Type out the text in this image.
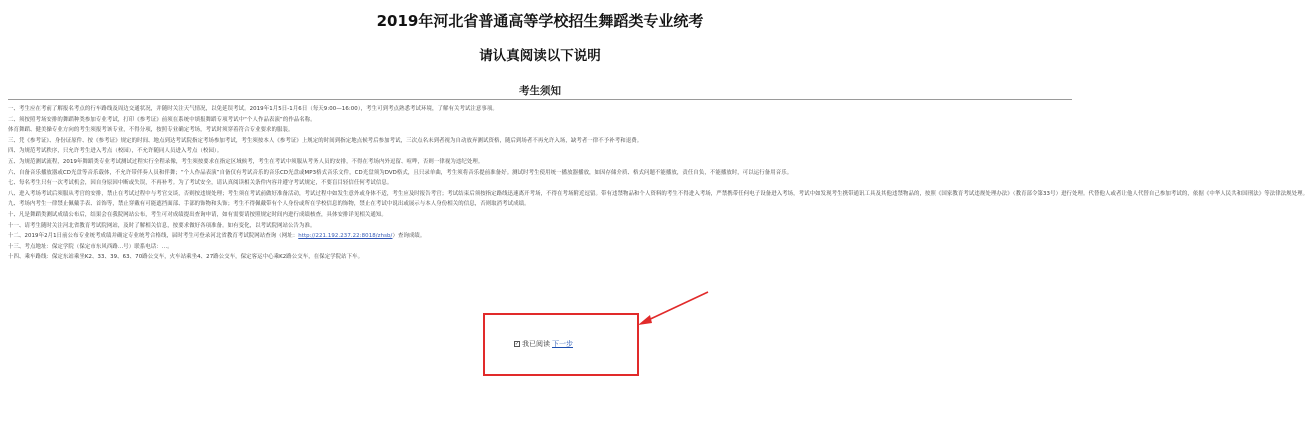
2019年河北省普通高等学校招生舞蹈类专业统考
请认真阅读以下说明
考生须知
一、考生应在考前了解报名考点的行车路线及周边交通状况，并随时关注天气情况，以免延误考试。2019年1月5日-1月6日（每天9:00—16:00），考生可到考点熟悉考试环境，了解有关考试注意事项。
二、须按照考场安排的舞蹈种类参加专业考试，打印《参考证》前须在系统中填报舞蹈专项考试中“个人作品表演”的作品名称。
体育舞蹈、健美操专业方向的考生须报考该专业，不得分项，按照专业确定考场，考试时须穿着符合专业要求的服装。
三、凭《参考证》、身份证原件、按《参考证》规定的时间、地点到达考试院指定考场参加考试，考生须按本人《参考证》上规定的时间到指定地点候考后参加考试，三次点名未到者视为自动放弃测试资格，随后到场者不再允许入场，缺考者一律不予补考和退费。
四、为规范考试秩序，只允许考生进入考点（校园），不允许随同人员进入考点（校园）。
五、为规范测试流程，2019年舞蹈类专业考试测试过程实行全程录像，考生须按要求在指定区域候考，考生在考试中须服从考务人员的安排，不得在考场内外逗留、喧哗，否则一律视为违纪处理。
六、自备音乐播放器或CD光盘等音乐载体，不允许带伴奏人员和伴舞；“个人作品表演”自备仅有考试音乐的音乐CD光盘或MP3格式音乐文件，CD光盘须为DVD格式，且只录单曲，考生须将音乐提前准备好。测试时考生使用统一播放器播放，如因存储介质、格式问题不能播放，责任自负，不能播放时，可以运行备用音乐。
七、每名考生只有一次考试机会，因自身原因中断或失误，不再补考。为了考试安全，请认真阅读相关条件内容并遵守考试规定，不要盲目轻信任何考试信息。
八、进入考场考试后须服从考官的安排，禁止在考试过程中与考官交谈，否则按违规处理；考生须在考试前做好准备活动，考试过程中如发生意外或身体不适，考生应及时报告考官；考试结束后须按指定路线迅速离开考场，不得在考场附近逗留。带有违禁物品和个人资料的考生不得进入考场，严禁携带任何电子设备进入考场，考试中如发现考生携带通讯工具及其他违禁物品的，按照《国家教育考试违规处理办法》（教育部令第33号）进行处理。代替他人或者让他人代替自己参加考试的，依据《中华人民共和国刑法》等法律法规处理。
九、考场内考生一律禁止佩戴手表、首饰等，禁止穿戴有可能遮挡面部、手部的饰物和头饰；考生不得佩戴带有个人身份或所在学校信息的饰物，禁止在考试中说出或展示与本人身份相关的信息，否则取消考试成绩。
十、凡是舞蹈类测试成绩公布后，结果会在我院网站公布，考生可对成绩提出查询申请，如有需要请按照规定时间内进行成绩核查，具体安排详见相关通知。
十一、请考生随时关注河北省教育考试院网站，及时了解相关信息，按要求做好各项准备。如有变化，以考试院网站公告为准。
十二、2019年2月1日前公布专业统考成绩并确定专业统考合格线，届时考生可登录河北省教育考试院网站查询（网址：http://221.192.237.22:8018/zhsb/）查询成绩。
十三、考点地址：保定学院（保定市东风西路…号）联系电话：…。
十四、乘车路线：保定东站乘坐K2、33、39、63、70路公交车，火车站乘坐4、27路公交车，保定客运中心乘K2路公交车，在保定学院站下车。
✓ 我已阅读 下一步
